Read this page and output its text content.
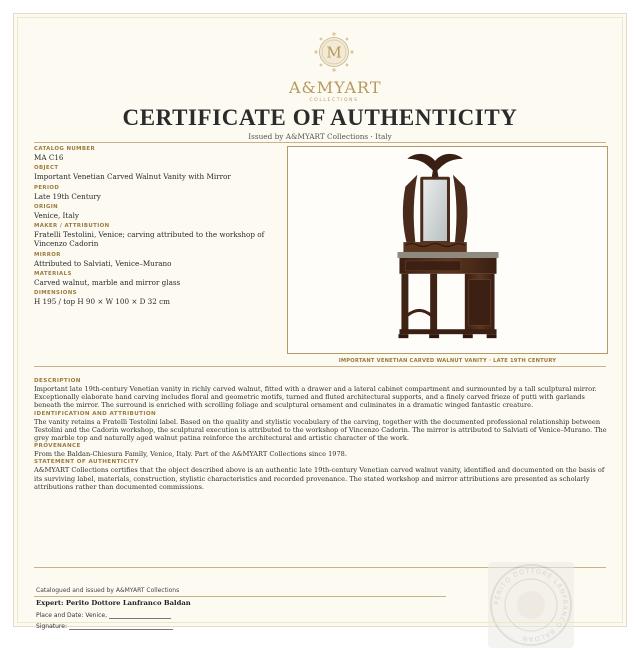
M
A&MYART
COLLECTIONS
CERTIFICATE OF AUTHENTICITY
Issued by A&MYART Collections · Italy
CATALOG NUMBER
MA C16
OBJECT
Important Venetian Carved Walnut Vanity with Mirror
PERIOD
Late 19th Century
ORIGIN
Venice, Italy
MAKER / ATTRIBUTION
Fratelli Testolini, Venice; carving attributed to the workshop of Vincenzo Cadorin
MIRROR
Attributed to Salviati, Venice–Murano
MATERIALS
Carved walnut, marble and mirror glass
DIMENSIONS
H 195 / top H 90 × W 100 × D 32 cm
IMPORTANT VENETIAN CARVED WALNUT VANITY · LATE 19TH CENTURY
DESCRIPTION
Important late 19th-century Venetian vanity in richly carved walnut, fitted with a drawer and a lateral cabinet compartment and surmounted by a tall sculptural mirror. Exceptionally elaborate hand carving includes floral and geometric motifs, turned and fluted architectural supports, and a finely carved frieze of putti with garlands beneath the mirror. The surround is enriched with scrolling foliage and sculptural ornament and culminates in a dramatic winged fantastic creature.
IDENTIFICATION AND ATTRIBUTION
The vanity retains a Fratelli Testolini label. Based on the quality and stylistic vocabulary of the carving, together with the documented professional relationship between Testolini and the Cadorin workshop, the sculptural execution is attributed to the workshop of Vincenzo Cadorin. The mirror is attributed to Salviati of Venice–Murano. The grey marble top and naturally aged walnut patina reinforce the architectural and artistic character of the work.
PROVENANCE
From the Baldan-Chiesura Family, Venice, Italy. Part of the A&MYART Collections since 1978.
STATEMENT OF AUTHENTICITY
A&MYART Collections certifies that the object described above is an authentic late 19th-century Venetian carved walnut vanity, identified and documented on the basis of its surviving label, materials, construction, stylistic characteristics and recorded provenance. The stated workshop and mirror attributions are presented as scholarly attributions rather than documented commissions.
Catalogued and issued by A&MYART Collections
Expert: Perito Dottore Lanfranco Baldan
Place and Date: Venice,
Signature:
PERITO DOTTORE LANFRANCO BALDAN
